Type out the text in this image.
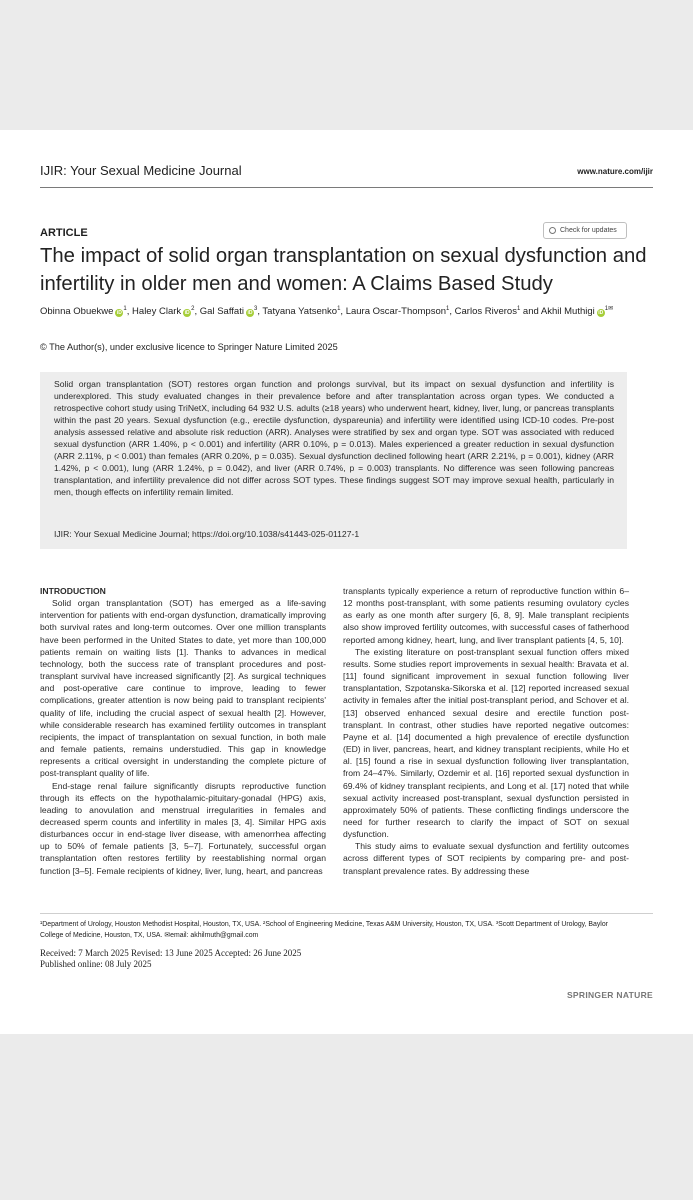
IJIR: Your Sexual Medicine Journal	www.nature.com/ijir
ARTICLE	Check for updates
The impact of solid organ transplantation on sexual dysfunction and infertility in older men and women: A Claims Based Study
Obinna Obuekwe $iD^1$, Haley Clark $iD^2$, Gal Saffati $iD^3$, Tatyana Yatsenko$^1$, Laura Oscar-Thompson$^1$, Carlos Riveros$^1$ and Akhil Muthigi $iD^{1✉}$
© The Author(s), under exclusive licence to Springer Nature Limited 2025
Solid organ transplantation (SOT) restores organ function and prolongs survival, but its impact on sexual dysfunction and infertility is underexplored. This study evaluated changes in their prevalence before and after transplantation across organ types. We conducted a retrospective cohort study using TriNetX, including 64 932 U.S. adults (≥18 years) who underwent heart, kidney, liver, lung, or pancreas transplants within the past 20 years. Sexual dysfunction (e.g., erectile dysfunction, dyspareunia) and infertility were identified using ICD-10 codes. Pre-post analysis assessed relative and absolute risk reduction (ARR). Analyses were stratified by sex and organ type. SOT was associated with reduced sexual dysfunction (ARR 1.40%, p < 0.001) and infertility (ARR 0.10%, p = 0.013). Males experienced a greater reduction in sexual dysfunction (ARR 2.11%, p < 0.001) than females (ARR 0.20%, p = 0.035). Sexual dysfunction declined following heart (ARR 2.21%, p = 0.001), kidney (ARR 1.42%, p < 0.001), lung (ARR 1.24%, p = 0.042), and liver (ARR 0.74%, p = 0.003) transplants. No difference was seen following pancreas transplantation, and infertility prevalence did not differ across SOT types. These findings suggest SOT may improve sexual health, particularly in men, though effects on infertility remain limited.
IJIR: Your Sexual Medicine Journal; https://doi.org/10.1038/s41443-025-01127-1

INTRODUCTION

Solid organ transplantation (SOT) has emerged as a life-saving intervention for patients with end-organ dysfunction, dramatically improving both survival rates and long-term outcomes. Over one million transplants have been performed in the United States to date, yet more than 100,000 patients remain on waiting lists [1]. Thanks to advances in medical technology, both the success rate of transplant procedures and post-transplant survival have increased significantly [2]. As surgical techniques and post-operative care continue to improve, leading to fewer complications, greater attention is now being paid to transplant recipients' quality of life, including the crucial aspect of sexual health [2]. However, while considerable research has examined fertility outcomes in transplant recipients, the impact of transplantation on sexual function, in both male and female patients, remains understudied. This gap in knowledge represents a critical oversight in understanding the complete picture of post-transplant quality of life.

End-stage renal failure significantly disrupts reproductive function through its effects on the hypothalamic-pituitary-gonadal (HPG) axis, leading to anovulation and menstrual irregularities in females and decreased sperm counts and infertility in males [3, 4]. Similar HPG axis disturbances occur in end-stage liver disease, with amenorrhea affecting up to 50% of female patients [3, 5–7]. Fortunately, successful organ transplantation often restores fertility by reestablishing normal organ function [3–5]. Female recipients of kidney, liver, lung, heart, and pancreas

transplants typically experience a return of reproductive function within 6–12 months post-transplant, with some patients resuming ovulatory cycles as early as one month after surgery [6, 8, 9]. Male transplant recipients also show improved fertility outcomes, with successful cases of fatherhood reported among kidney, heart, lung, and liver transplant patients [4, 5, 10].

The existing literature on post-transplant sexual function offers mixed results. Some studies report improvements in sexual health: Bravata et al. [11] found significant improvement in sexual function following liver transplantation, Szpotanska-Sikorska et al. [12] reported increased sexual activity in females after the initial post-transplant period, and Schover et al. [13] observed enhanced sexual desire and erectile function post-transplant. In contrast, other studies have reported negative outcomes: Payne et al. [14] documented a high prevalence of erectile dysfunction (ED) in liver, pancreas, heart, and kidney transplant recipients, while Ho et al. [15] found a rise in sexual dysfunction following liver transplantation, from 24–47%. Similarly, Ozdemir et al. [16] reported sexual dysfunction in 69.4% of kidney transplant recipients, and Long et al. [17] noted that while sexual activity increased post-transplant, sexual dysfunction persisted in approximately 50% of patients. These conflicting findings underscore the need for further research to clarify the impact of SOT on sexual dysfunction.

This study aims to evaluate sexual dysfunction and fertility outcomes across different types of SOT recipients by comparing pre- and post-transplant prevalence rates. By addressing these

¹Department of Urology, Houston Methodist Hospital, Houston, TX, USA. ²School of Engineering Medicine, Texas A&M University, Houston, TX, USA. ³Scott Department of Urology, Baylor College of Medicine, Houston, TX, USA. ✉email: akhilmuth@gmail.com
Received: 7 March 2025 Revised: 13 June 2025 Accepted: 26 June 2025
Published online: 08 July 2025
SPRINGER NATURE
